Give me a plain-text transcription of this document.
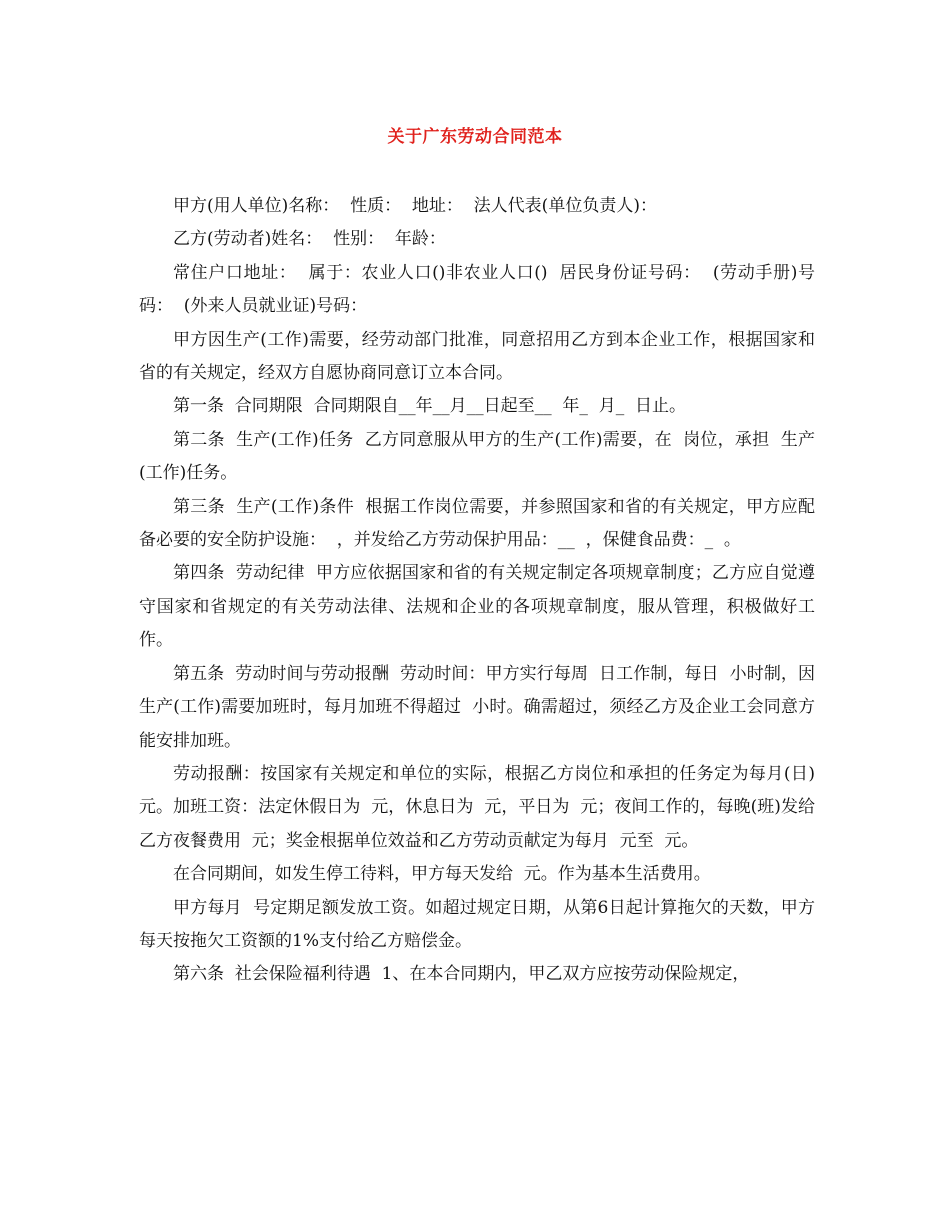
关于广东劳动合同范本

甲方(用人单位)名称：  性质：  地址：  法人代表(单位负责人)：

乙方(劳动者)姓名：  性别：  年龄：

常住户口地址：  属于：农业人口()非农业人口()  居民身份证号码：  (劳动手册)号码：  (外来人员就业证)号码：

甲方因生产(工作)需要，经劳动部门批准，同意招用乙方到本企业工作，根据国家和省的有关规定，经双方自愿协商同意订立本合同。

第一条  合同期限  合同期限自__年__月__日起至__  年_  月_  日止。

第二条  生产(工作)任务  乙方同意服从甲方的生产(工作)需要，在  岗位，承担  生产(工作)任务。

第三条  生产(工作)条件  根据工作岗位需要，并参照国家和省的有关规定，甲方应配备必要的安全防护设施：  ，并发给乙方劳动保护用品：__  ，保健食品费：_  。

第四条  劳动纪律  甲方应依据国家和省的有关规定制定各项规章制度；乙方应自觉遵守国家和省规定的有关劳动法律、法规和企业的各项规章制度，服从管理，积极做好工作。

第五条  劳动时间与劳动报酬  劳动时间：甲方实行每周  日工作制，每日  小时制，因生产(工作)需要加班时，每月加班不得超过  小时。确需超过，须经乙方及企业工会同意方能安排加班。

劳动报酬：按国家有关规定和单位的实际，根据乙方岗位和承担的任务定为每月(日)  元。加班工资：法定休假日为  元，休息日为  元，平日为  元；夜间工作的，每晚(班)发给乙方夜餐费用  元；奖金根据单位效益和乙方劳动贡献定为每月  元至  元。

在合同期间，如发生停工待料，甲方每天发给  元。作为基本生活费用。

甲方每月  号定期足额发放工资。如超过规定日期，从第6日起计算拖欠的天数，甲方每天按拖欠工资额的1%支付给乙方赔偿金。

第六条  社会保险福利待遇  1、在本合同期内，甲乙双方应按劳动保险规定，
